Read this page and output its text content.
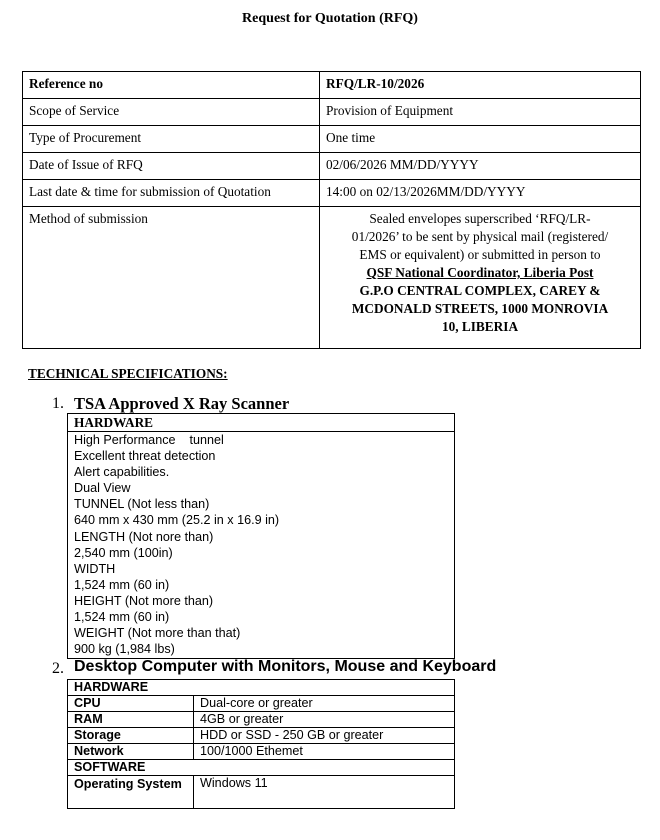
Request for Quotation (RFQ)
Reference no	RFQ/LR-10/2026
Scope of Service	Provision of Equipment
Type of Procurement	One time
Date of Issue of RFQ	02/06/2026 MM/DD/YYYY
Last date & time for submission of Quotation	14:00 on 02/13/2026MM/DD/YYYY
Method of submission	Sealed envelopes superscribed ‘RFQ/LR-
01/2026’ to be sent by physical mail (registered/
EMS or equivalent) or submitted in person to
QSF National Coordinator, Liberia Post
G.P.O CENTRAL COMPLEX, CAREY &
MCDONALD STREETS, 1000 MONROVIA
10, LIBERIA
TECHNICAL SPECIFICATIONS:
1. TSA Approved X Ray Scanner
HARDWARE
High Performance    tunnel
Excellent threat detection
Alert capabilities.
Dual View
TUNNEL (Not less than)
640 mm x 430 mm (25.2 in x 16.9 in)
LENGTH (Not nore than)
2,540 mm (100in)
WIDTH
1,524 mm (60 in)
HEIGHT (Not more than)
1,524 mm (60 in)
WEIGHT (Not more than that)
900 kg (1,984 lbs)
2. Desktop Computer with Monitors, Mouse and Keyboard
HARDWARE	
CPU	Dual-core or greater
RAM	4GB or greater
Storage	HDD or SSD - 250 GB or greater
Network	100/1000 Ethemet
SOFTWARE	
Operating System	Windows 11
